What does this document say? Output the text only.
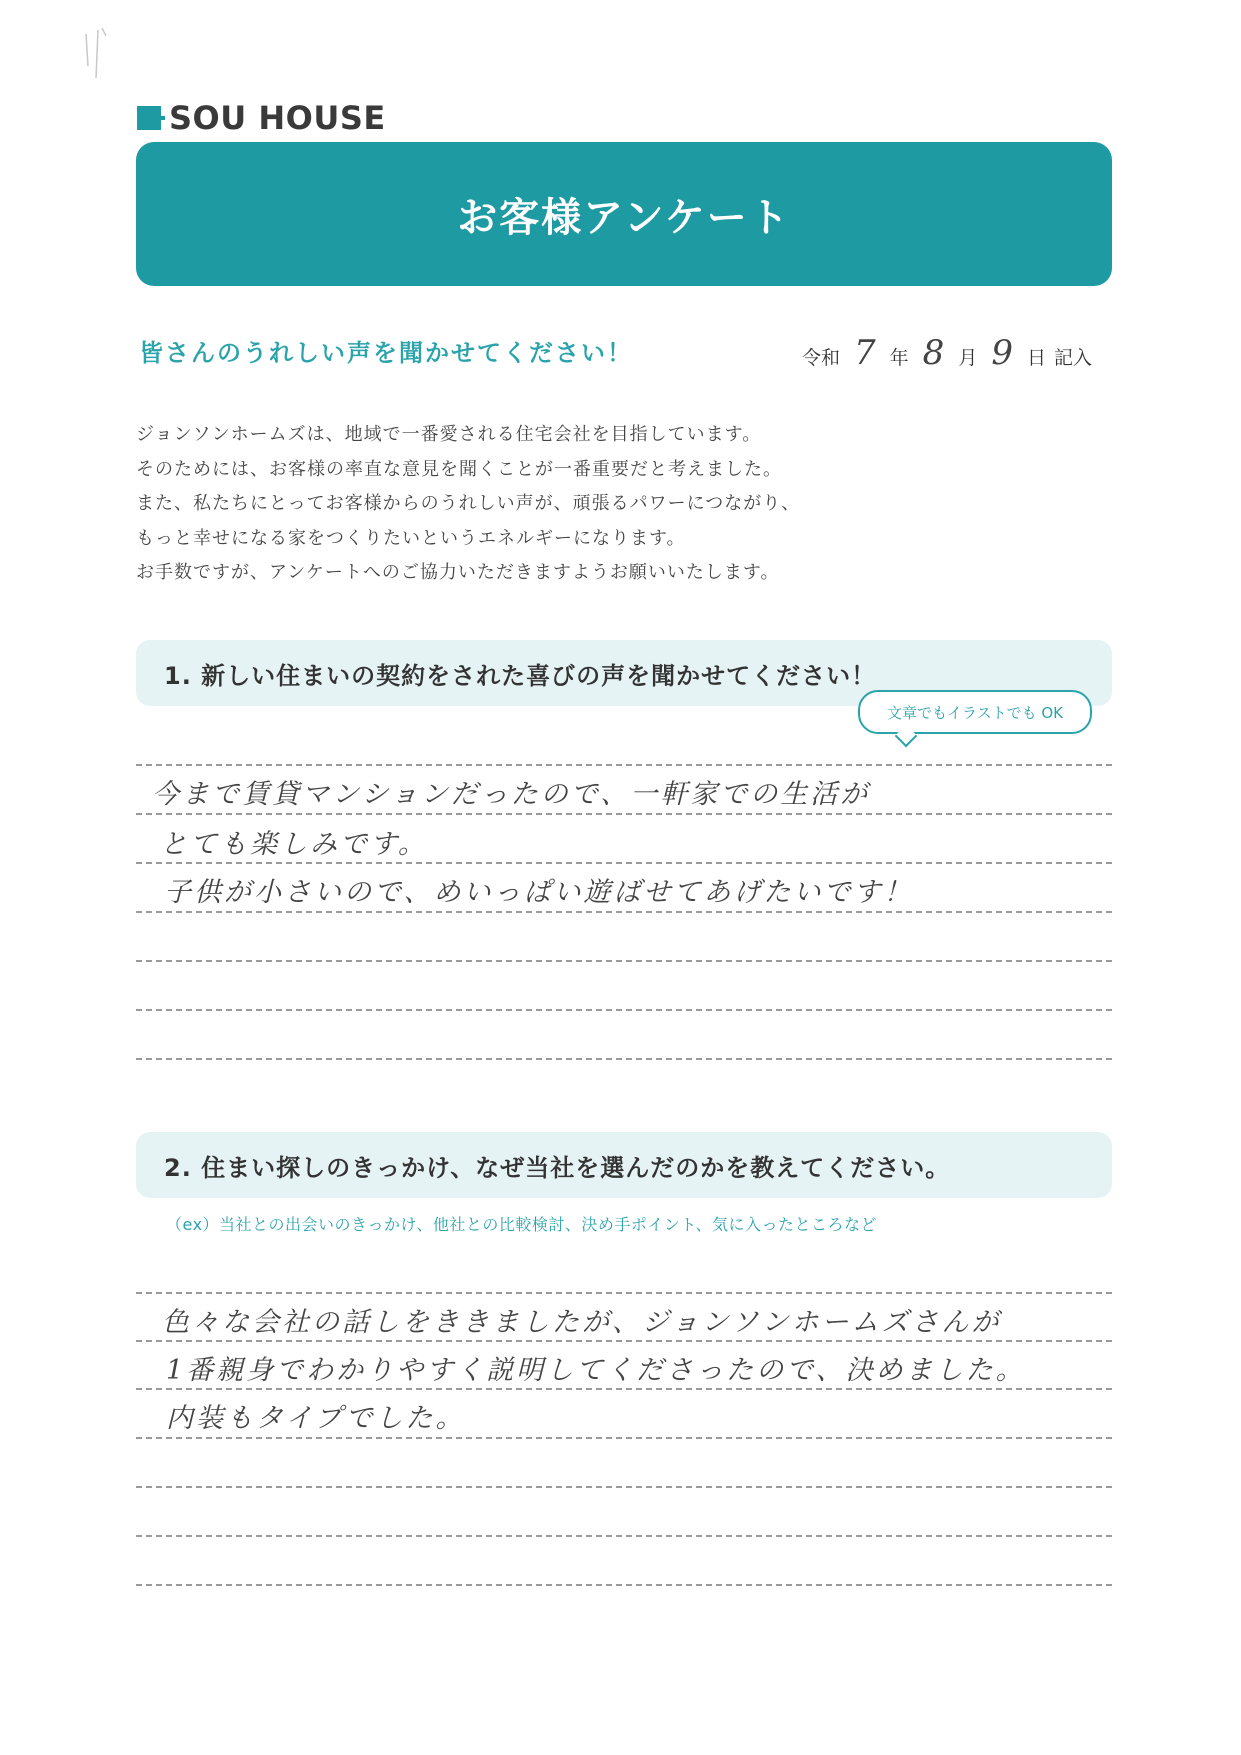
SOU HOUSE
お客様アンケート
皆さんのうれしい声を聞かせてください！	令和 7 年 8 月 9 日 記入

ジョンソンホームズは、地域で一番愛される住宅会社を目指しています。

そのためには、お客様の率直な意見を聞くことが一番重要だと考えました。

また、私たちにとってお客様からのうれしい声が、頑張るパワーにつながり、

もっと幸せになる家をつくりたいというエネルギーになります。

お手数ですが、アンケートへのご協力いただきますようお願いいたします。

1. 新しい住まいの契約をされた喜びの声を聞かせてください！
文章でもイラストでも OK
今まで賃貸マンションだったので、一軒家での生活が
とても楽しみです。
子供が小さいので、めいっぱい遊ばせてあげたいです！
2. 住まい探しのきっかけ、なぜ当社を選んだのかを教えてください。
（ex）当社との出会いのきっかけ、他社との比較検討、決め手ポイント、気に入ったところなど
色々な会社の話しをききましたが、ジョンソンホームズさんが
1番親身でわかりやすく説明してくださったので、決めました。
内装もタイプでした。
